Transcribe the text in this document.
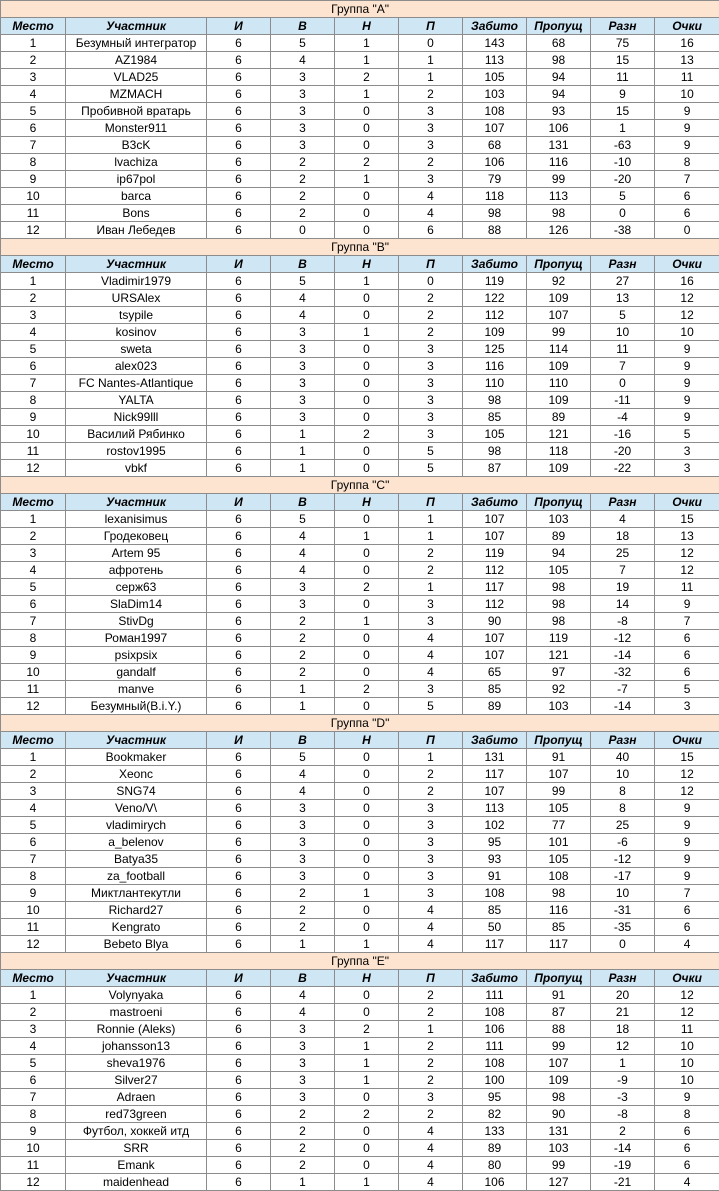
Группа "A"									
Место	Участник	И	В	Н	П	Забито	Пропущ	Разн	Очки
1	Безумный интегратор	6	5	1	0	143	68	75	16
2	AZ1984	6	4	1	1	113	98	15	13
3	VLAD25	6	3	2	1	105	94	11	11
4	MZMACH	6	3	1	2	103	94	9	10
5	Пробивной вратарь	6	3	0	3	108	93	15	9
6	Monster911	6	3	0	3	107	106	1	9
7	B3cK	6	3	0	3	68	131	-63	9
8	lvachiza	6	2	2	2	106	116	-10	8
9	ip67pol	6	2	1	3	79	99	-20	7
10	barca	6	2	0	4	118	113	5	6
11	Bons	6	2	0	4	98	98	0	6
12	Иван Лебедев	6	0	0	6	88	126	-38	0
Группа "B"									
Место	Участник	И	В	Н	П	Забито	Пропущ	Разн	Очки
1	Vladimir1979	6	5	1	0	119	92	27	16
2	URSAlex	6	4	0	2	122	109	13	12
3	tsypile	6	4	0	2	112	107	5	12
4	kosinov	6	3	1	2	109	99	10	10
5	sweta	6	3	0	3	125	114	11	9
6	alex023	6	3	0	3	116	109	7	9
7	FC Nantes-Atlantique	6	3	0	3	110	110	0	9
8	YALTA	6	3	0	3	98	109	-11	9
9	Nick99lll	6	3	0	3	85	89	-4	9
10	Василий Рябинко	6	1	2	3	105	121	-16	5
11	rostov1995	6	1	0	5	98	118	-20	3
12	vbkf	6	1	0	5	87	109	-22	3
Группа "C"									
Место	Участник	И	В	Н	П	Забито	Пропущ	Разн	Очки
1	lexanisimus	6	5	0	1	107	103	4	15
2	Гродековец	6	4	1	1	107	89	18	13
3	Artem 95	6	4	0	2	119	94	25	12
4	афротень	6	4	0	2	112	105	7	12
5	серж63	6	3	2	1	117	98	19	11
6	SlaDim14	6	3	0	3	112	98	14	9
7	StivDg	6	2	1	3	90	98	-8	7
8	Роман1997	6	2	0	4	107	119	-12	6
9	psixpsix	6	2	0	4	107	121	-14	6
10	gandalf	6	2	0	4	65	97	-32	6
11	manve	6	1	2	3	85	92	-7	5
12	Безумный(B.i.Y.)	6	1	0	5	89	103	-14	3
Группа "D"									
Место	Участник	И	В	Н	П	Забито	Пропущ	Разн	Очки
1	Bookmaker	6	5	0	1	131	91	40	15
2	Xeonc	6	4	0	2	117	107	10	12
3	SNG74	6	4	0	2	107	99	8	12
4	Veno/V\	6	3	0	3	113	105	8	9
5	vladimirych	6	3	0	3	102	77	25	9
6	a_belenov	6	3	0	3	95	101	-6	9
7	Batya35	6	3	0	3	93	105	-12	9
8	za_football	6	3	0	3	91	108	-17	9
9	Миктлантекутли	6	2	1	3	108	98	10	7
10	Richard27	6	2	0	4	85	116	-31	6
11	Kengrato	6	2	0	4	50	85	-35	6
12	Bebeto Blya	6	1	1	4	117	117	0	4
Группа "E"									
Место	Участник	И	В	Н	П	Забито	Пропущ	Разн	Очки
1	Volynyaka	6	4	0	2	111	91	20	12
2	mastroeni	6	4	0	2	108	87	21	12
3	Ronnie (Aleks)	6	3	2	1	106	88	18	11
4	johansson13	6	3	1	2	111	99	12	10
5	sheva1976	6	3	1	2	108	107	1	10
6	Silver27	6	3	1	2	100	109	-9	10
7	Adraen	6	3	0	3	95	98	-3	9
8	red73green	6	2	2	2	82	90	-8	8
9	Футбол, хоккей итд	6	2	0	4	133	131	2	6
10	SRR	6	2	0	4	89	103	-14	6
11	Emank	6	2	0	4	80	99	-19	6
12	maidenhead	6	1	1	4	106	127	-21	4
